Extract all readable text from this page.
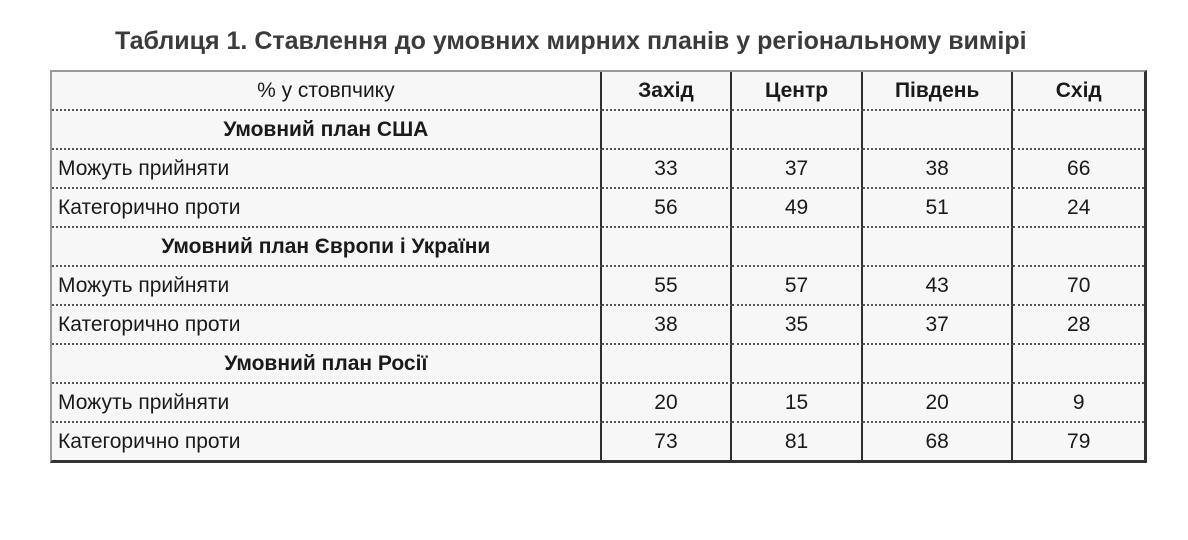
Таблиця 1. Ставлення до умовних мирних планів у регіональному вимірі
% у стовпчику	Захід	Центр	Південь	Схід
Умовний план США				
Можуть прийняти	33	37	38	66
Категорично проти	56	49	51	24
Умовний план Європи і України				
Можуть прийняти	55	57	43	70
Категорично проти	38	35	37	28
Умовний план Росії				
Можуть прийняти	20	15	20	9
Категорично проти	73	81	68	79
